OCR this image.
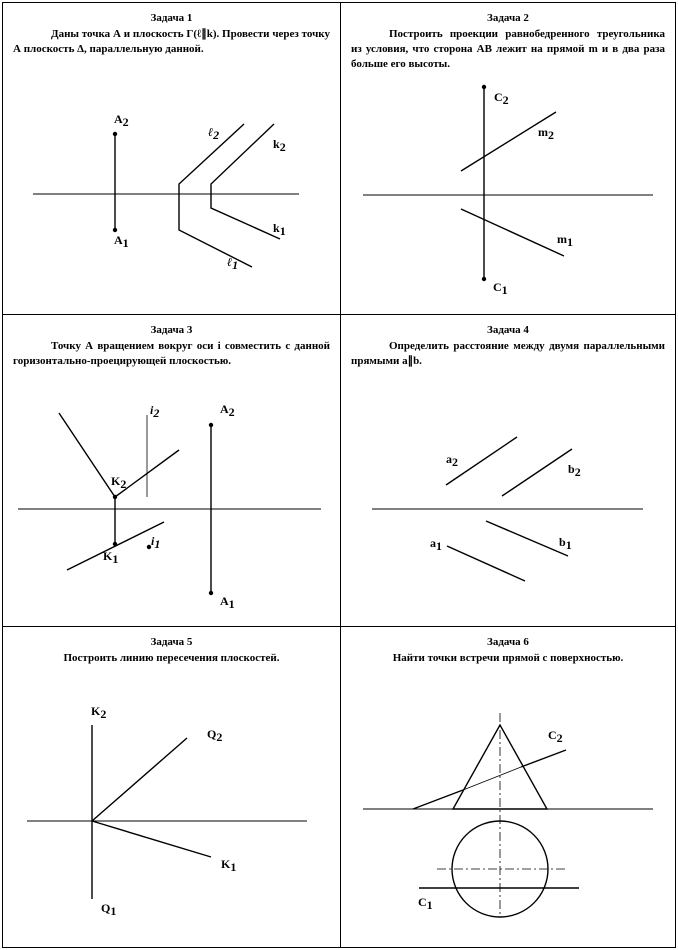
Задача 1
Даны точка А и плоскость Γ(ℓ∥k). Провести через точку А плоскость Δ, параллельную данной.
A2
A1
ℓ2
k2
k1
ℓ1
Задача 2
Построить проекции равнобедренного треугольника из условия, что сторона АВ лежит на прямой m и в два раза больше его высоты.
C2
m2
m1
C1
Задача 3
Точку А вращением вокруг оси i совместить с данной горизонтально-проецирующей плоскостью.
i2	A2
K2
K1
i1
A1
Задача 4
Определить расстояние между двумя параллельными прямыми a∥b.
a2	b2
a1	b1
Задача 5
Построить линию пересечения плоскостей.
K2
Q2
K1
Q1
Задача 6
Найти точки встречи прямой с поверхностью.
C2
C1
